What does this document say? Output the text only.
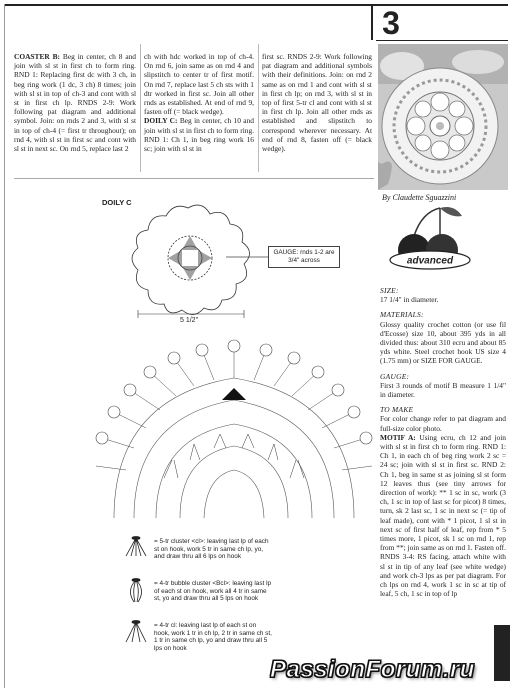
3
COASTER B: Beg in center, ch 8 and join with sl st in first ch to form ring. RND 1: Replacing first dc with 3 ch, in beg ring work (1 dc, 3 ch) 8 times; join with sl st in top of ch-3 and cont with sl st in first ch lp. RNDS 2-9: Work following pat diagram and additional symbol. Join: on rnds 2 and 3, with sl st in top of ch-4 (= first tr throughout); on rnd 4, with sl st in first sc and cont with sl st in next sc. On rnd 5, replace last 2
ch with hdc worked in top of ch-4. On rnd 6, join same as on rnd 4 and slipstitch to center tr of first motif. On rnd 7, replace last 5 ch sts with 1 dtr worked in first sc. Join all other rnds as established. At end of rnd 9, fasten off (= black wedge).
DOILY C: Beg in center, ch 10 and join with sl st in first ch to form ring. RND 1: Ch 1, in beg ring work 16 sc; join with sl st in
first sc. RNDS 2-9: Work following pat diagram and additional symbols with their definitions. Join: on rnd 2 same as on rnd 1 and cont with sl st in first ch lp; on rnd 3, with sl st in top of first 5-tr cl and cont with sl st in first ch lp. Join all other rnds as established and slipstitch to correspond wherever necessary. At end of rnd 8, fasten off (= black wedge).
By Claudette Sguazzini
advanced
SIZE:

17 1/4" in diameter.

MATERIALS:

Glossy quality crochet cotton (or use fil d'Ecosse) size 10, about 395 yds in all divided thus: about 310 ecru and about 85 yds white. Steel crochet hook US size 4 (1.75 mm) or SIZE FOR GAUGE.

GAUGE:

First 3 rounds of motif B measure 1 1/4" in diameter.

TO MAKE

For color change refer to pat diagram and full-size color photo.

MOTIF A: Using ecru, ch 12 and join with sl st in first ch to form ring. RND 1: Ch 1, in each ch of beg ring work 2 sc = 24 sc; join with sl st in first sc. RND 2: Ch 1, beg in same st as joining sl st form 12 leaves thus (see tiny arrows for direction of work): ** 1 sc in sc, work (3 ch, 1 sc in top of last sc for picot) 8 times, turn, sk 2 last sc, 1 sc in next sc (= tip of leaf made), cont with * 1 picot, 1 sl st in next sc of first half of leaf, rep from * 5 times more, 1 picot, sk 1 sc on rnd 1, rep from **; join same as on rnd 1. Fasten off. RNDS 3-4: RS facing, attach white with sl st in tip of any leaf (see white wedge) and work ch-3 lps as per pat diagram. For ch lps on rnd 4, work 1 sc in sc at tip of leaf, 5 ch, 1 sc in top of lp

DOILY C
5 1/2"
GAUGE: rnds 1-2 are 3/4" across
= 5-tr cluster <cl>: leaving last lp of each st on hook, work 5 tr in same ch lp, yo, and draw thru all 6 lps on hook
= 4-tr bubble cluster <Bcl>: leaving last lp of each st on hook, work all 4 tr in same st, yo and draw thru all 5 lps on hook
= 4-tr cl: leaving last lp of each st on hook, work 1 tr in ch lp, 2 tr in same ch st, 1 tr in same ch lp, yo and draw thru all 5 lps on hook
PassionForum.ru
